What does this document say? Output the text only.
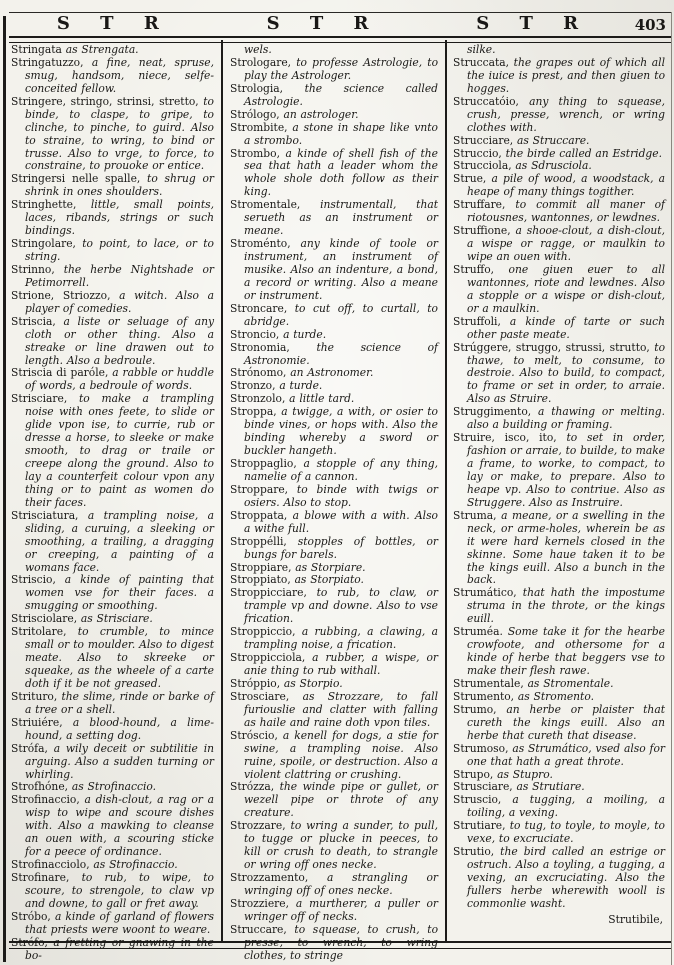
S T R	S T R	S T R	403

Stringata as Strengata.

Stringatuzzo, a fine, neat, spruse, smug, handsom, niece, selfe-conceited fellow.

Stringere, stringo, strinsi, stretto, to binde, to claspe, to gripe, to clinche, to pinche, to guird. Also to straine, to wring, to bind or trusse. Also to vrge, to force, to constraine, to prouoke or entice.

Stringersi nelle spalle, to shrug or shrink in ones shoulders.

Stringhette, little, small points, laces, ribands, strings or such bindings.

Stringolare, to point, to lace, or to string.

Strinno, the herbe Nightshade or Petimorrell.

Strione, Striozzo, a witch. Also a player of comedies.

Striscia, a liste or seluage of any cloth or other thing. Also a streake or line drawen out to length. Also a bedroule.

Striscia di paróle, a rabble or huddle of words, a bedroule of words.

Strisciare, to make a trampling noise with ones feete, to slide or glide vpon ise, to currie, rub or dresse a horse, to sleeke or make smooth, to drag or traile or creepe along the ground. Also to lay a counterfeit colour vpon any thing or to paint as women do their faces.

Strisciatura, a trampling noise, a sliding, a curuing, a sleeking or smoothing, a trailing, a dragging or creeping, a painting of a womans face.

Striscio, a kinde of painting that women vse for their faces. a smugging or smoothing.

Strisciolare, as Strisciare.

Stritolare, to crumble, to mince small or to moulder. Also to digest meate. Also to skreeke or squeake, as the wheele of a carte doth if it be not greased.

Strituro, the slime, rinde or barke of a tree or a shell.

Striuiére, a blood-hound, a lime-hound, a setting dog.

Strófa, a wily deceit or subtilitie in arguing. Also a sudden turning or whirling.

Strofhóne, as Strofinaccio.

Strofinaccio, a dish-clout, a rag or a wisp to wipe and scoure dishes with. Also a mawking to cleanse an ouen with, a scouring sticke for a peece of ordinance.

Strofinacciolo, as Strofinaccio.

Strofinare, to rub, to wipe, to scoure, to strengole, to claw vp and downe, to gall or fret away.

Stróbo, a kinde of garland of flowers that priests were woont to weare.

Strófo, a fretting or gnawing in the bo-

wels.

Strologare, to professe Astrologie, to play the Astrologer.

Strologia, the science called Astrologie.

Strólogo, an astrologer.

Strombite, a stone in shape like vnto a strombo.

Strombo, a kinde of shell fish of the sea that hath a leader whom the whole shole doth follow as their king.

Stromentale, instrumentall, that serueth as an instrument or meane.

Stroménto, any kinde of toole or instrument, an instrument of musike. Also an indenture, a bond, a record or writing. Also a meane or instrument.

Stroncare, to cut off, to curtall, to abridge.

Stroncio, a turde.

Stronomia, the science of Astronomie.

Strónomo, an Astronomer.

Stronzo, a turde.

Stronzolo, a little tard.

Stroppa, a twigge, a with, or osier to binde vines, or hops with. Also the binding whereby a sword or buckler hangeth.

Stroppaglio, a stopple of any thing, namelie of a cannon.

Stroppare, to binde with twigs or osiers. Also to stop.

Stroppata, a blowe with a with. Also a withe full.

Stroppélli, stopples of bottles, or bungs for barels.

Stroppiare, as Storpiare.

Stroppiato, as Storpiato.

Stroppicciare, to rub, to claw, or trample vp and downe. Also to vse frication.

Stroppiccio, a rubbing, a clawing, a trampling noise, a frication.

Stroppicciola, a rubber, a wispe, or anie thing to rub withall.

Stróppio, as Storpio.

Strosciare, as Strozzare, to fall furiouslie and clatter with falling as haile and raine doth vpon tiles.

Stróscio, a kenell for dogs, a stie for swine, a trampling noise. Also ruine, spoile, or destruction. Also a violent clattring or crushing.

Strózza, the winde pipe or gullet, or wezell pipe or throte of any creature.

Strozzare, to wring a sunder, to pull, to tugge or plucke in peeces, to kill or crush to death, to strangle or wring off ones necke.

Strozzamento, a strangling or wringing off of ones necke.

Strozziere, a murtherer, a puller or wringer off of necks.

Struccare, to squease, to crush, to presse, to wrench, to wring clothes, to stringe

silke.

Struccata, the grapes out of which all the iuice is prest, and then giuen to hogges.

Struccatóio, any thing to squease, crush, presse, wrench, or wring clothes with.

Strucciare, as Struccare.

Struccio, the birde called an Estridge.

Strucciola, as Sdrusciola.

Strue, a pile of wood, a woodstack, a heape of many things togither.

Struffare, to commit all maner of riotousnes, wantonnes, or lewdnes.

Struffione, a shooe-clout, a dish-clout, a wispe or ragge, or maulkin to wipe an ouen with.

Struffo, one giuen euer to all wantonnes, riote and lewdnes. Also a stopple or a wispe or dish-clout, or a maulkin.

Struffoli, a kinde of tarte or such other paste meate.

Strúggere, struggo, strussi, strutto, to thawe, to melt, to consume, to destroie. Also to build, to compact, to frame or set in order, to arraie. Also as Struire.

Struggimento, a thawing or melting. also a building or framing.

Struire, isco, ito, to set in order, fashion or arraie, to builde, to make a frame, to worke, to compact, to lay or make, to prepare. Also to heape vp. Also to contriue. Also as Struggere. Also as Instruire.

Struma, a meane, or a swelling in the neck, or arme-holes, wherein be as it were hard kernels closed in the skinne. Some haue taken it to be the kings euill. Also a bunch in the back.

Strumático, that hath the impostume struma in the throte, or the kings euill.

Struméa. Some take it for the hearbe crowfoote, and othersome for a kinde of herbe that beggers vse to make their flesh rawe.

Strumentale, as Stromentale.

Strumento, as Stromento.

Strumo, an herbe or plaister that cureth the kings euill. Also an herbe that cureth that disease.

Strumoso, as Strumático, vsed also for one that hath a great throte.

Strupo, as Stupro.

Strusciare, as Strutiare.

Struscio, a tugging, a moiling, a toiling, a vexing.

Strutiare, to tug, to toyle, to moyle, to vexe, to excruciate.

Strutio, the bird called an estrige or ostruch. Also a toyling, a tugging, a vexing, an excruciating. Also the fullers herbe wherewith wooll is commonlie washt.

Strutibile,
